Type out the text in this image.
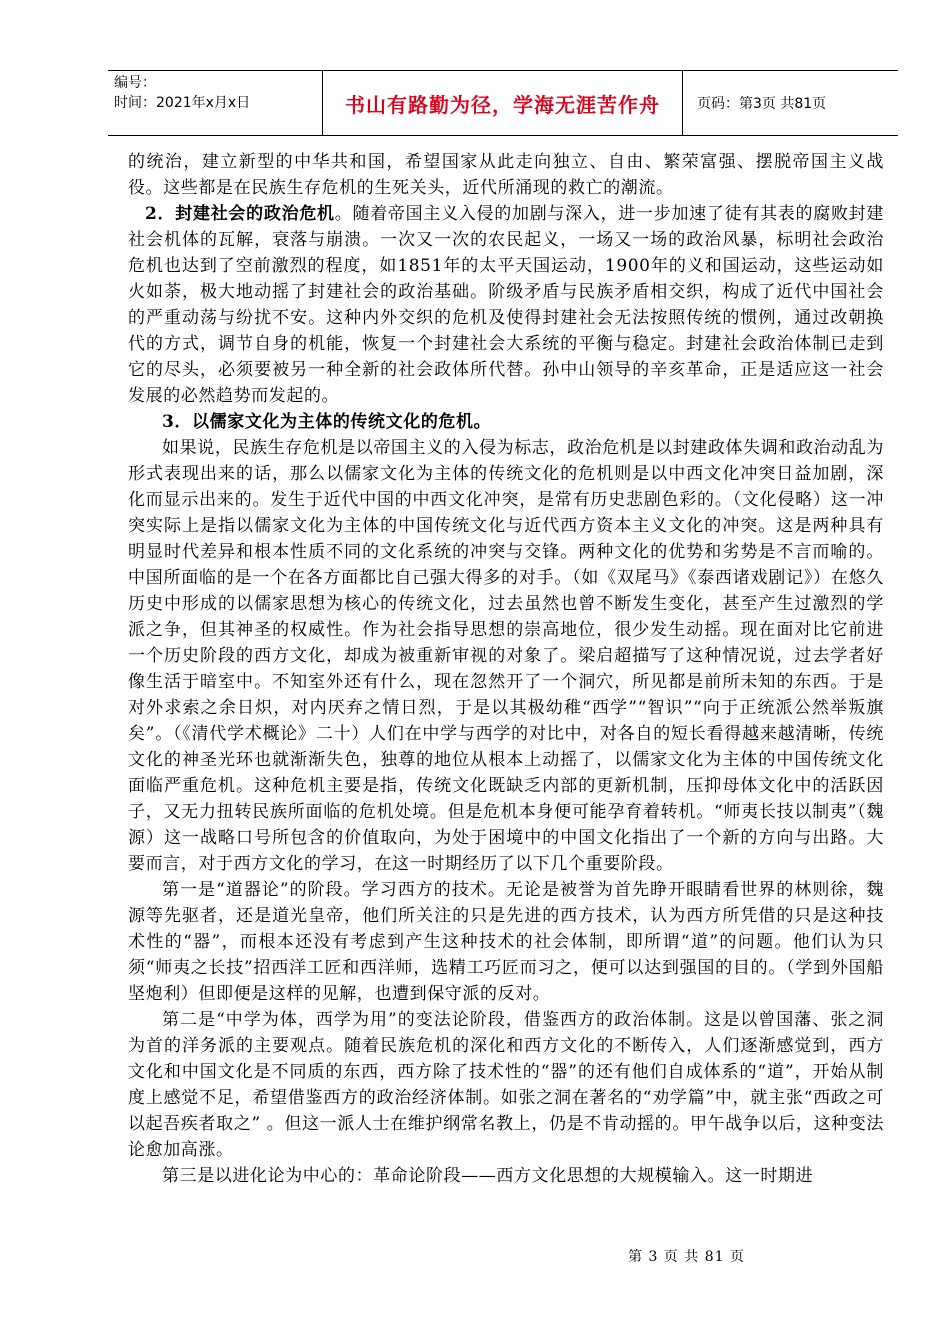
编号：
时间：2021年x月x日	书山有路勤为径，学海无涯苦作舟	页码：第3页 共81页

的统治，建立新型的中华共和国，希望国家从此走向独立、自由、繁荣富强、摆脱帝国主义战役。这些都是在民族生存危机的生死关头，近代所涌现的救亡的潮流。

2．封建社会的政治危机。随着帝国主义入侵的加剧与深入，进一步加速了徒有其表的腐败封建社会机体的瓦解，衰落与崩溃。一次又一次的农民起义，一场又一场的政治风暴，标明社会政治危机也达到了空前激烈的程度，如1851年的太平天国运动，1900年的义和国运动，这些运动如火如荼，极大地动摇了封建社会的政治基础。阶级矛盾与民族矛盾相交织，构成了近代中国社会的严重动荡与纷扰不安。这种内外交织的危机及使得封建社会无法按照传统的惯例，通过改朝换代的方式，调节自身的机能，恢复一个封建社会大系统的平衡与稳定。封建社会政治体制已走到它的尽头，必须要被另一种全新的社会政体所代替。孙中山领导的辛亥革命，正是适应这一社会发展的必然趋势而发起的。

3．以儒家文化为主体的传统文化的危机。

如果说，民族生存危机是以帝国主义的入侵为标志，政治危机是以封建政体失调和政治动乱为形式表现出来的话，那么以儒家文化为主体的传统文化的危机则是以中西文化冲突日益加剧，深化而显示出来的。发生于近代中国的中西文化冲突，是常有历史悲剧色彩的。（文化侵略）这一冲突实际上是指以儒家文化为主体的中国传统文化与近代西方资本主义文化的冲突。这是两种具有明显时代差异和根本性质不同的文化系统的冲突与交锋。两种文化的优势和劣势是不言而喻的。中国所面临的是一个在各方面都比自己强大得多的对手。（如《双尾马》《泰西诸戏剧记》）在悠久历史中形成的以儒家思想为核心的传统文化，过去虽然也曾不断发生变化，甚至产生过激烈的学派之争，但其神圣的权威性。作为社会指导思想的崇高地位，很少发生动摇。现在面对比它前进一个历史阶段的西方文化，却成为被重新审视的对象了。梁启超描写了这种情况说，过去学者好像生活于暗室中。不知室外还有什么，现在忽然开了一个洞穴，所见都是前所未知的东西。于是对外求索之余日炽，对内厌弃之情日烈，于是以其极幼稚“西学”“智识”“向于正统派公然举叛旗矣”。（《清代学术概论》二十）人们在中学与西学的对比中，对各自的短长看得越来越清晰，传统文化的神圣光环也就渐渐失色，独尊的地位从根本上动摇了，以儒家文化为主体的中国传统文化面临严重危机。这种危机主要是指，传统文化既缺乏内部的更新机制，压抑母体文化中的活跃因子，又无力扭转民族所面临的危机处境。但是危机本身便可能孕育着转机。“师夷长技以制夷”（魏源）这一战略口号所包含的价值取向，为处于困境中的中国文化指出了一个新的方向与出路。大要而言，对于西方文化的学习，在这一时期经历了以下几个重要阶段。

第一是“道器论”的阶段。学习西方的技术。无论是被誉为首先睁开眼睛看世界的林则徐，魏源等先驱者，还是道光皇帝，他们所关注的只是先进的西方技术，认为西方所凭借的只是这种技术性的“器”，而根本还没有考虑到产生这种技术的社会体制，即所谓“道”的问题。他们认为只须“师夷之长技”招西洋工匠和西洋师，选精工巧匠而习之，便可以达到强国的目的。（学到外国船坚炮利）但即便是这样的见解，也遭到保守派的反对。

第二是“中学为体，西学为用”的变法论阶段，借鉴西方的政治体制。这是以曾国藩、张之洞为首的洋务派的主要观点。随着民族危机的深化和西方文化的不断传入，人们逐渐感觉到，西方文化和中国文化是不同质的东西，西方除了技术性的“器”的还有他们自成体系的“道”，开始从制度上感觉不足，希望借鉴西方的政治经济体制。如张之洞在著名的“劝学篇”中，就主张“西政之可以起吾疾者取之” 。但这一派人士在维护纲常名教上，仍是不肯动摇的。甲午战争以后，这种变法论愈加高涨。

第三是以进化论为中心的：革命论阶段——西方文化思想的大规模输入。这一时期进

第 3 页 共 81 页
